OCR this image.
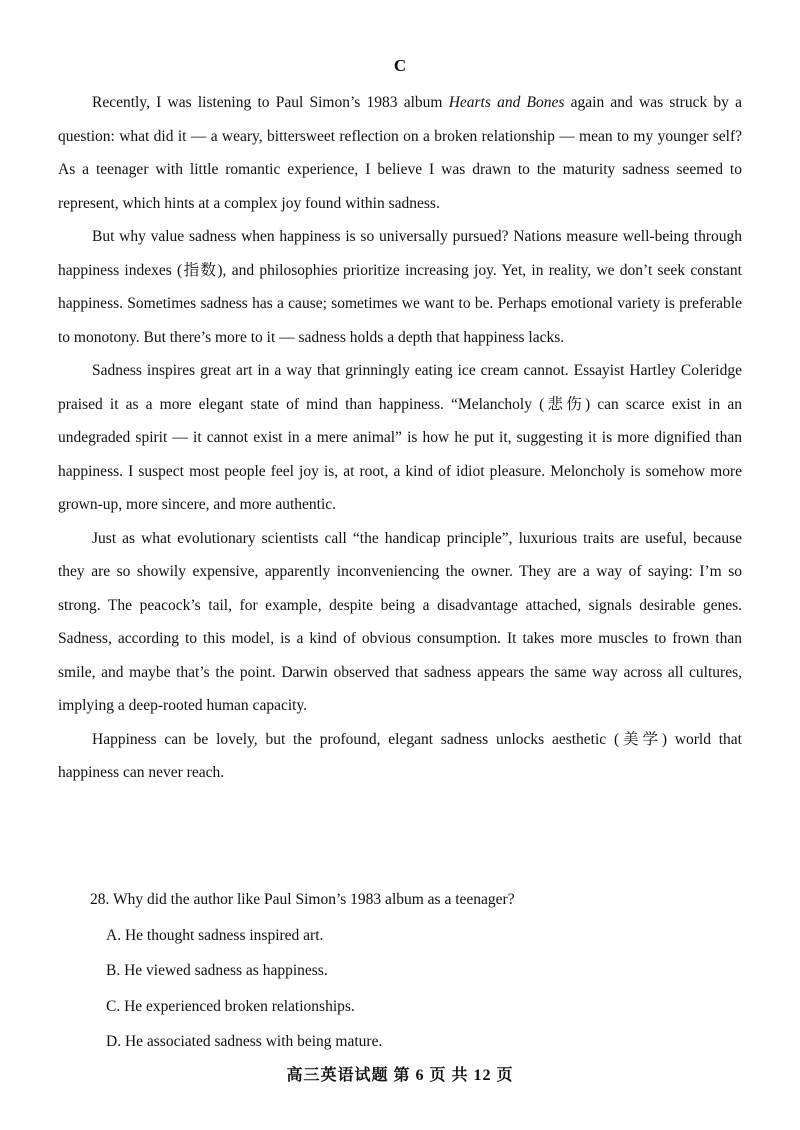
C

Recently, I was listening to Paul Simon’s 1983 album Hearts and Bones again and was struck by a question: what did it — a weary, bittersweet reflection on a broken relationship — mean to my younger self? As a teenager with little romantic experience, I believe I was drawn to the maturity sadness seemed to represent, which hints at a complex joy found within sadness.

But why value sadness when happiness is so universally pursued? Nations measure well-being through happiness indexes (指数), and philosophies prioritize increasing joy. Yet, in reality, we don’t seek constant happiness. Sometimes sadness has a cause; sometimes we want to be. Perhaps emotional variety is preferable to monotony. But there’s more to it — sadness holds a depth that happiness lacks.

Sadness inspires great art in a way that grinningly eating ice cream cannot. Essayist Hartley Coleridge praised it as a more elegant state of mind than happiness. “Melancholy (悲伤) can scarce exist in an undegraded spirit — it cannot exist in a mere animal” is how he put it, suggesting it is more dignified than happiness. I suspect most people feel joy is, at root, a kind of idiot pleasure. Meloncholy is somehow more grown-up, more sincere, and more authentic.

Just as what evolutionary scientists call “the handicap principle”, luxurious traits are useful, because they are so showily expensive, apparently inconveniencing the owner. They are a way of saying: I’m so strong. The peacock’s tail, for example, despite being a disadvantage attached, signals desirable genes. Sadness, according to this model, is a kind of obvious consumption. It takes more muscles to frown than smile, and maybe that’s the point. Darwin observed that sadness appears the same way across all cultures, implying a deep-rooted human capacity.

Happiness can be lovely, but the profound, elegant sadness unlocks aesthetic (美学) world that happiness can never reach.

28. Why did the author like Paul Simon’s 1983 album as a teenager?

A. He thought sadness inspired art.

B. He viewed sadness as happiness.

C. He experienced broken relationships.

D. He associated sadness with being mature.

高三英语试题 第 6 页 共 12 页
